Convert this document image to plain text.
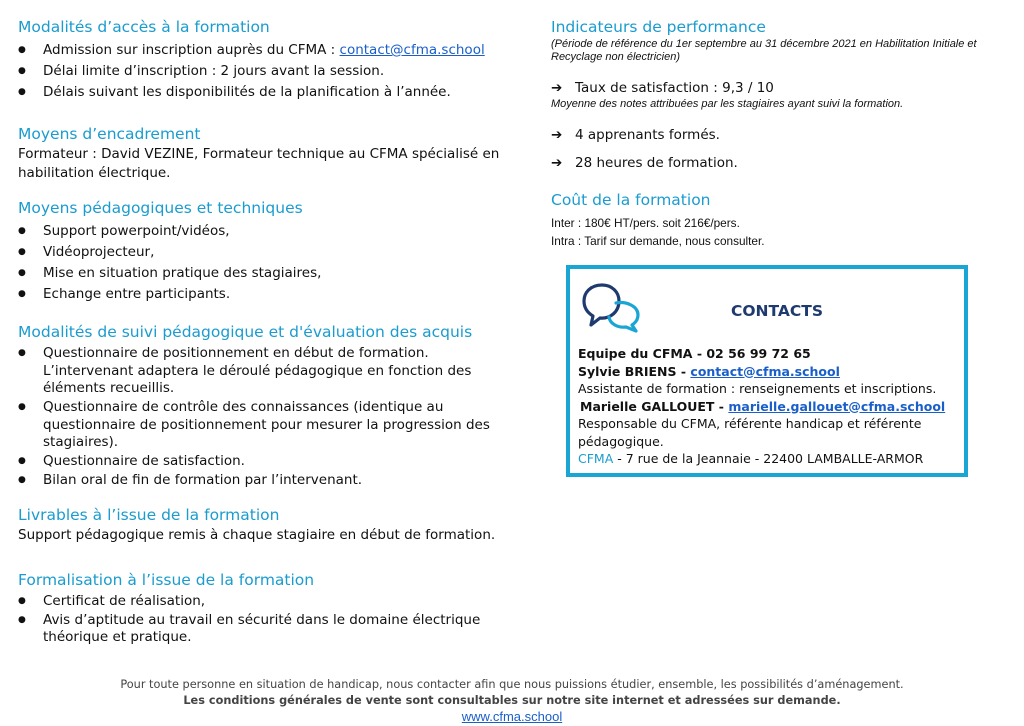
Modalités d’accès à la formation
● Admission sur inscription auprès du CFMA : contact@cfma.school
● Délai limite d’inscription : 2 jours avant la session.
● Délais suivant les disponibilités de la planification à l’année.
Moyens d’encadrement

Formateur : David VEZINE, Formateur technique au CFMA spécialisé en habilitation électrique.

Moyens pédagogiques et techniques
● Support powerpoint/vidéos,
● Vidéoprojecteur,
● Mise en situation pratique des stagiaires,
● Echange entre participants.
Modalités de suivi pédagogique et d'évaluation des acquis
● Questionnaire de positionnement en début de formation. L’intervenant adaptera le déroulé pédagogique en fonction des éléments recueillis.
● Questionnaire de contrôle des connaissances (identique au questionnaire de positionnement pour mesurer la progression des stagiaires).
● Questionnaire de satisfaction.
● Bilan oral de fin de formation par l’intervenant.
Livrables à l’issue de la formation

Support pédagogique remis à chaque stagiaire en début de formation.

Formalisation à l’issue de la formation
● Certificat de réalisation,
● Avis d’aptitude au travail en sécurité dans le domaine électrique théorique et pratique.
Indicateurs de performance
(Période de référence du 1er septembre au 31 décembre 2021 en Habilitation Initiale et Recyclage non électricien)
➔ Taux de satisfaction : 9,3 / 10
Moyenne des notes attribuées par les stagiaires ayant suivi la formation.
➔ 4 apprenants formés.
➔ 28 heures de formation.
Coût de la formation

Inter : 180€ HT/pers. soit 216€/pers.

Intra : Tarif sur demande, nous consulter.

CONTACTS
Equipe du CFMA - 02 56 99 72 65
Sylvie BRIENS - contact@cfma.school
Assistante de formation : renseignements et inscriptions.
Marielle GALLOUET - marielle.gallouet@cfma.school
Responsable du CFMA, référente handicap et référente pédagogique.
CFMA - 7 rue de la Jeannaie - 22400 LAMBALLE-ARMOR
Pour toute personne en situation de handicap, nous contacter afin que nous puissions étudier, ensemble, les possibilités d’aménagement.
Les conditions générales de vente sont consultables sur notre site internet et adressées sur demande.
www.cfma.school
